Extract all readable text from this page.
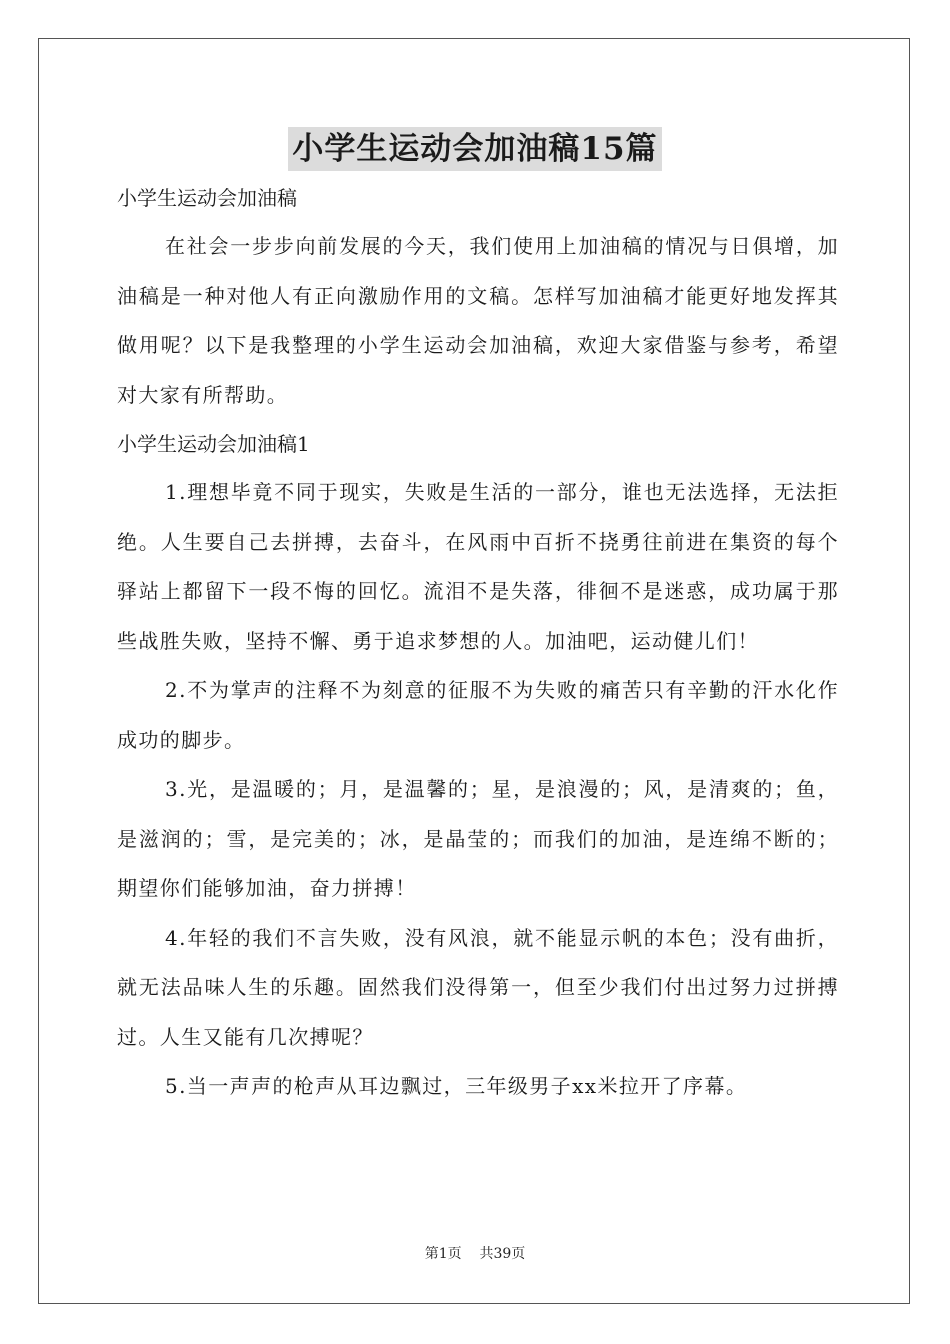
小学生运动会加油稿15篇

小学生运动会加油稿

在社会一步步向前发展的今天，我们使用上加油稿的情况与日俱增，加油稿是一种对他人有正向激励作用的文稿。怎样写加油稿才能更好地发挥其做用呢？以下是我整理的小学生运动会加油稿，欢迎大家借鉴与参考，希望对大家有所帮助。

小学生运动会加油稿1

1.理想毕竟不同于现实，失败是生活的一部分，谁也无法选择，无法拒绝。人生要自己去拼搏，去奋斗，在风雨中百折不挠勇往前进在集资的每个驿站上都留下一段不悔的回忆。流泪不是失落，徘徊不是迷惑，成功属于那些战胜失败，坚持不懈、勇于追求梦想的人。加油吧，运动健儿们！

2.不为掌声的注释不为刻意的征服不为失败的痛苦只有辛勤的汗水化作成功的脚步。

3.光，是温暖的；月，是温馨的；星，是浪漫的；风，是清爽的；鱼，是滋润的；雪，是完美的；冰，是晶莹的；而我们的加油，是连绵不断的；期望你们能够加油，奋力拼搏！

4.年轻的我们不言失败，没有风浪，就不能显示帆的本色；没有曲折，就无法品味人生的乐趣。固然我们没得第一，但至少我们付出过努力过拼搏过。人生又能有几次搏呢？

5.当一声声的枪声从耳边飘过，三年级男子xx米拉开了序幕。

第1页 共39页
